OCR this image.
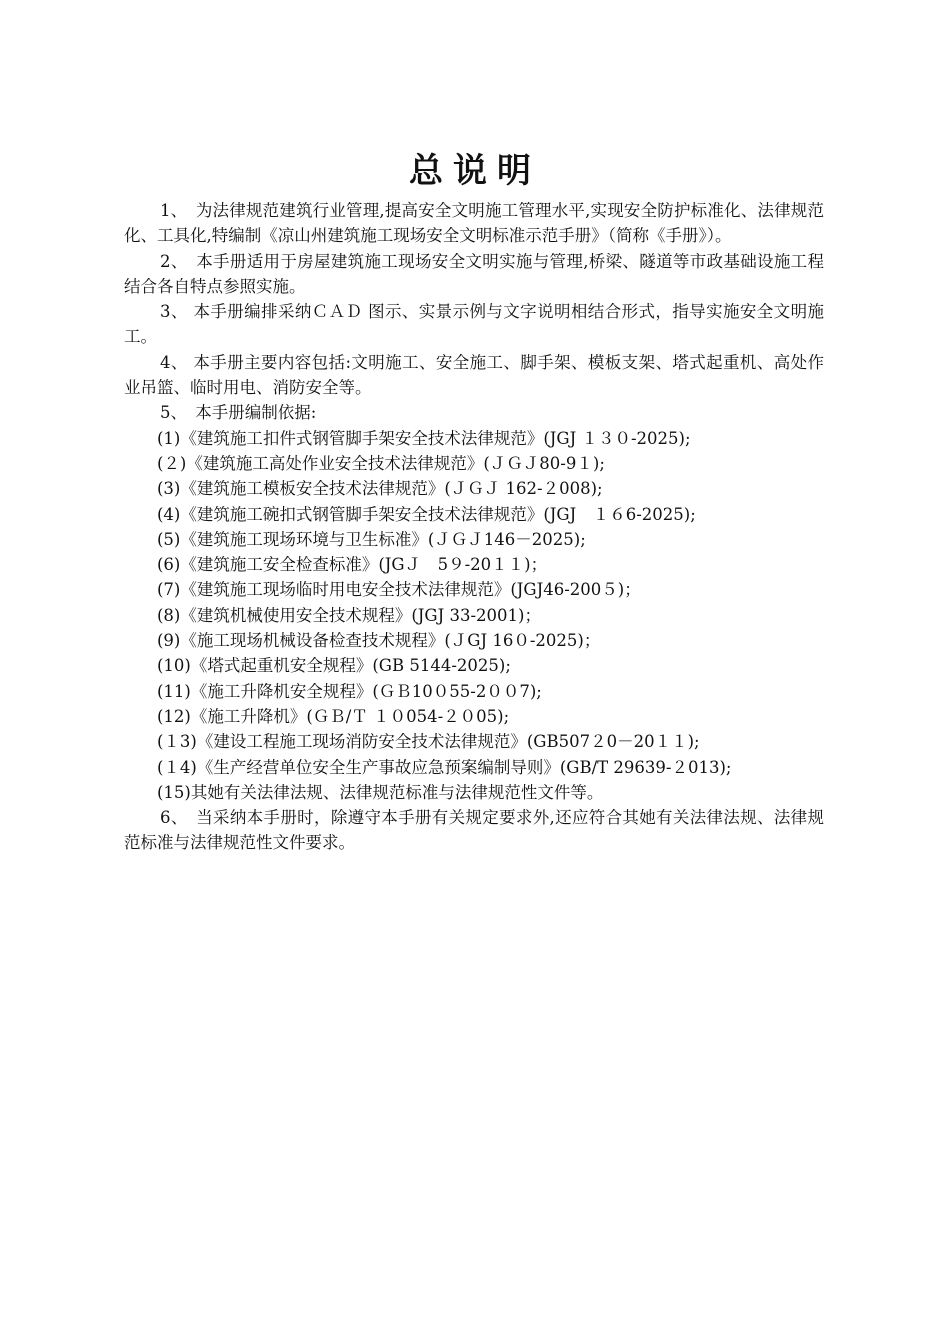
总说明

1、　为法律规范建筑行业管理,提高安全文明施工管理水平,实现安全防护标准化、法律规范化、工具化,特编制《凉山州建筑施工现场安全文明标准示范手册》（简称《手册》）。

2、　本手册适用于房屋建筑施工现场安全文明实施与管理,桥梁、隧道等市政基础设施工程结合各自特点参照实施。

3、 本手册编排采纳ＣＡＤ 图示、实景示例与文字说明相结合形式，指导实施安全文明施工。

4、 本手册主要内容包括:文明施工、安全施工、脚手架、模板支架、塔式起重机、高处作业吊篮、临时用电、消防安全等。

5、　本手册编制依据:

(1)《建筑施工扣件式钢管脚手架安全技术法律规范》(JGJ １３０-2025);

(２)《建筑施工高处作业安全技术法律规范》(ＪＧＪ80-9１);

(3)《建筑施工模板安全技术法律规范》(ＪＧＪ 162-２008);

(4)《建筑施工碗扣式钢管脚手架安全技术法律规范》(JGJ　１６6-2025);

(5)《建筑施工现场环境与卫生标准》(ＪＧＪ146－2025);

(6)《建筑施工安全检查标准》(JGＪ　5９-20１１)；

(7)《建筑施工现场临时用电安全技术法律规范》(JGJ46-200５)；

(8)《建筑机械使用安全技术规程》(JGJ 33-2001)；

(9)《施工现场机械设备检查技术规程》(ＪGJ 16０-2025)；

(10)《塔式起重机安全规程》(GB 5144-2025);

(11)《施工升降机安全规程》(ＧＢ10０55-2００7);

(12)《施工升降机》(ＧＢ/Ｔ １０054-２０05);

(１3)《建设工程施工现场消防安全技术法律规范》(GB507２0－20１１);

(１4)《生产经营单位安全生产事故应急预案编制导则》(GB/T 29639-２013);

(15)其她有关法律法规、法律规范标准与法律规范性文件等。

6、　当采纳本手册时，除遵守本手册有关规定要求外,还应符合其她有关法律法规、法律规范标准与法律规范性文件要求。
